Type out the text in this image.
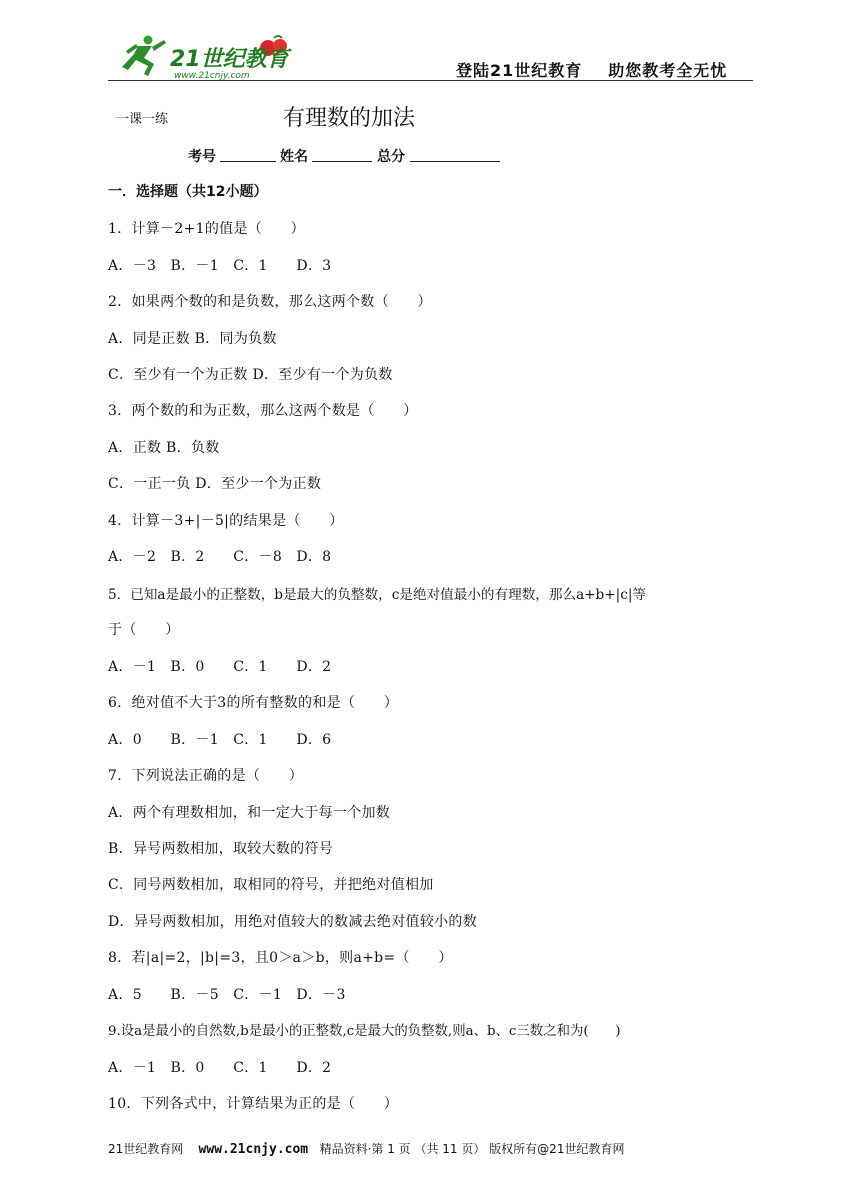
21世纪教育
www.21cnjy.com	登陆21世纪教育 助您教考全无忧
一课一练	有理数的加法
考号	姓名	总分
一．选择题（共12小题）
1．计算－2+1的值是（　　）
A．－3　B．－1　C．1　　D．3
2．如果两个数的和是负数，那么这两个数（　　）
A．同是正数 B．同为负数
C．至少有一个为正数 D．至少有一个为负数
3．两个数的和为正数，那么这两个数是（　　）
A．正数 B．负数
C．一正一负 D．至少一个为正数
4．计算－3+|－5|的结果是（　　）
A．－2　B．2　　C．－8　D．8
5．已知a是最小的正整数，b是最大的负整数，c是绝对值最小的有理数，那么a+b+|c|等
于（　　）
A．－1　B．0　　C．1　　D．2
6．绝对值不大于3的所有整数的和是（　　）
A．0　　B．－1　C．1　　D．6
7．下列说法正确的是（　　）
A．两个有理数相加，和一定大于每一个加数
B．异号两数相加，取较大数的符号
C．同号两数相加，取相同的符号，并把绝对值相加
D．异号两数相加，用绝对值较大的数减去绝对值较小的数
8．若|a|=2，|b|=3，且0＞a＞b，则a+b=（　　）
A．5　　B．－5　C．－1　D．－3
9.设a是最小的自然数,b是最小的正整数,c是最大的负整数,则a、b、c三数之和为(　　)
A．－1　B．0　　C．1　　D．2
10．下列各式中，计算结果为正的是（　　）
21世纪教育网 www.21cnjy.com 精品资料·第 1 页 （共 11 页） 版权所有@21世纪教育网
